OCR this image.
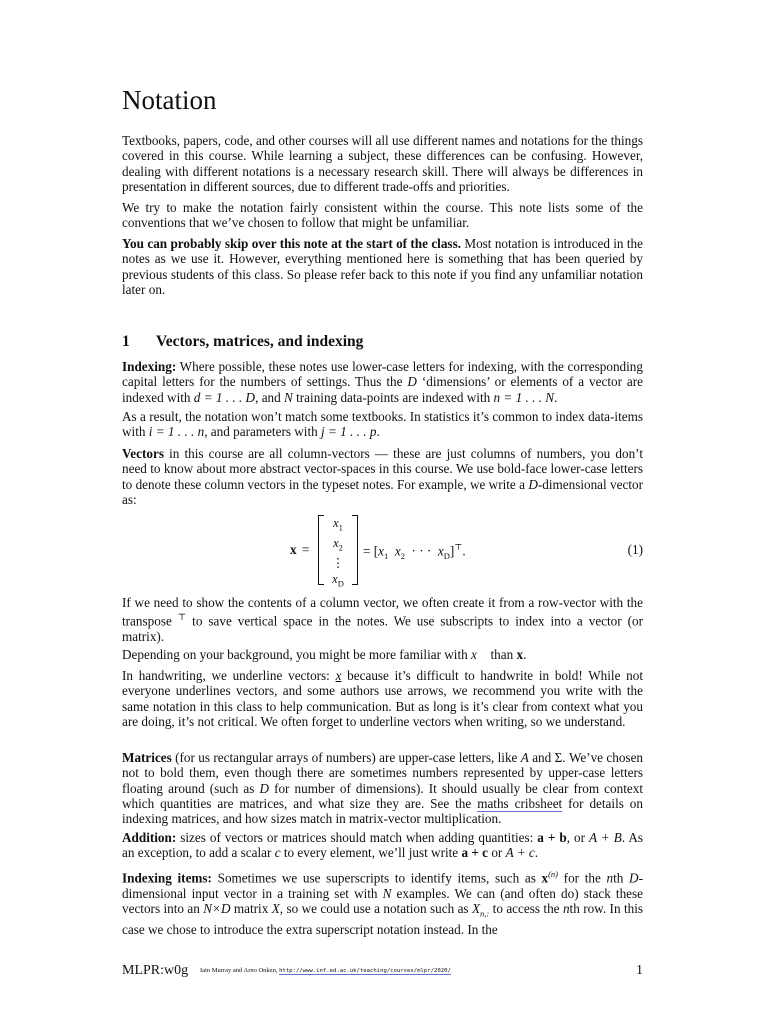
Notation

Textbooks, papers, code, and other courses will all use different names and notations for the things covered in this course. While learning a subject, these differences can be confusing. However, dealing with different notations is a necessary research skill. There will always be differences in presentation in different sources, due to different trade-offs and priorities.

We try to make the notation fairly consistent within the course. This note lists some of the conventions that we’ve chosen to follow that might be unfamiliar.

You can probably skip over this note at the start of the class. Most notation is introduced in the notes as we use it. However, everything mentioned here is something that has been queried by previous students of this class. So please refer back to this note if you find any unfamiliar notation later on.

1 Vectors, matrices, and indexing

Indexing: Where possible, these notes use lower-case letters for indexing, with the corresponding capital letters for the numbers of settings. Thus the D ‘dimensions’ or elements of a vector are indexed with d = 1 . . . D, and N training data-points are indexed with n = 1 . . . N.

As a result, the notation won’t match some textbooks. In statistics it’s common to index data-items with i = 1 . . . n, and parameters with j = 1 . . . p.

Vectors in this course are all column-vectors — these are just columns of numbers, you don’t need to know about more abstract vector-spaces in this course. We use bold-face lower-case letters to denote these column vectors in the typeset notes. For example, we write a D-dimensional vector as:

x =
$x_1$
$x_2$
⋮
$x_D$
= [$x_1$ $x_2$ · · · $x_D]^⊤$.	(1)

If we need to show the contents of a column vector, we often create it from a row-vector with the transpose ⊤ to save vertical space in the notes. We use subscripts to index into a vector (or matrix).

Depending on your background, you might be more familiar with x⃗ than x.

In handwriting, we underline vectors: x because it’s difficult to handwrite in bold! While not everyone underlines vectors, and some authors use arrows, we recommend you write with the same notation in this class to help communication. But as long is it’s clear from context what you are doing, it’s not critical. We often forget to underline vectors when writing, so we understand.

Matrices (for us rectangular arrays of numbers) are upper-case letters, like A and Σ. We’ve chosen not to bold them, even though there are sometimes numbers represented by upper-case letters floating around (such as D for number of dimensions). It should usually be clear from context which quantities are matrices, and what size they are. See the maths cribsheet for details on indexing matrices, and how sizes match in matrix-vector multiplication.

Addition: sizes of vectors or matrices should match when adding quantities: a + b, or A + B. As an exception, to add a scalar c to every element, we’ll just write a + c or A + c.

Indexing items: Sometimes we use superscripts to identify items, such as $x^{(n)}$ for the nth D-dimensional input vector in a training set with N examples. We can (and often do) stack these vectors into an N×D matrix X, so we could use a notation such as $X_{n,:}$ to access the nth row. In this case we chose to introduce the extra superscript notation instead. In the

MLPR:w0g Iain Murray and Arno Onken, http://www.inf.ed.ac.uk/teaching/courses/mlpr/2020/	1
